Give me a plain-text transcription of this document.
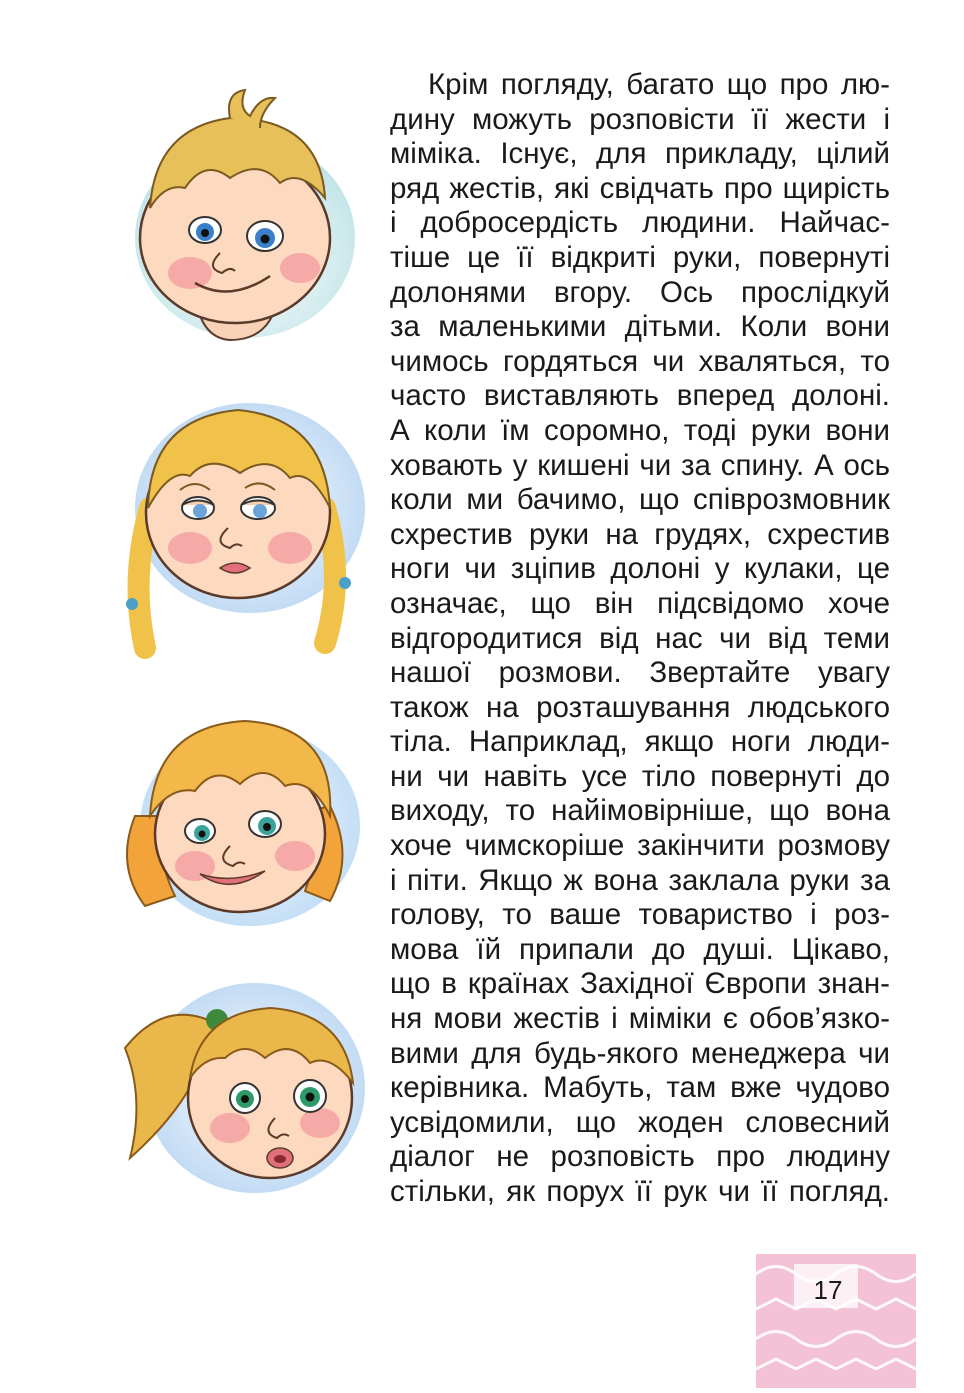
Крім погляду, багато що про лю-
дину можуть розповісти її жести і
міміка. Існує, для прикладу, цілий
ряд жестів, які свідчать про щирість
і добросердість людини. Найчас-
тіше це її відкриті руки, повернуті
долонями вгору. Ось прослідкуй
за маленькими дітьми. Коли вони
чимось гордяться чи хваляться, то
часто виставляють вперед долоні.
А коли їм соромно, тоді руки вони
ховають у кишені чи за спину. А ось
коли ми бачимо, що співрозмовник
схрестив руки на грудях, схрестив
ноги чи зціпив долоні у кулаки, це
означає, що він підсвідомо хоче
відгородитися від нас чи від теми
нашої розмови. Звертайте увагу
також на розташування людського
тіла. Наприклад, якщо ноги люди-
ни чи навіть усе тіло повернуті до
виходу, то найімовірніше, що вона
хоче чимскоріше закінчити розмову
і піти. Якщо ж вона заклала руки за
голову, то ваше товариство і роз-
мова їй припали до душі. Цікаво,
що в країнах Західної Європи знан-
ня мови жестів і міміки є обов’язко-
вими для будь-якого менеджера чи
керівника. Мабуть, там вже чудово
усвідомили, що жоден словесний
діалог не розповість про людину
стільки, як порух її рук чи її погляд.
17
